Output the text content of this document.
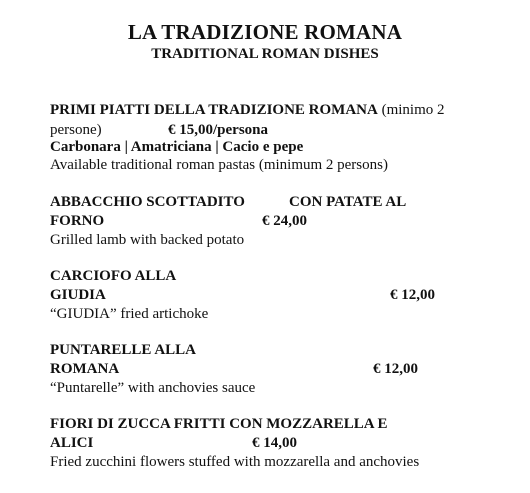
LA TRADIZIONE ROMANA
TRADITIONAL ROMAN DISHES
PRIMI PIATTI DELLA TRADIZIONE ROMANA (minimo 2
persone)	€ 15,00/persona
Carbonara | Amatriciana | Cacio e pepe
Available traditional roman pastas (minimum 2 persons)
ABBACCHIO SCOTTADITO	CON PATATE AL
FORNO	€ 24,00
Grilled lamb with backed potato
CARCIOFO ALLA
GIUDIA	€ 12,00
“GIUDIA” fried artichoke
PUNTARELLE ALLA
ROMANA	€ 12,00
“Puntarelle” with anchovies sauce
FIORI DI ZUCCA FRITTI CON MOZZARELLA E
ALICI	€ 14,00
Fried zucchini flowers stuffed with mozzarella and anchovies
